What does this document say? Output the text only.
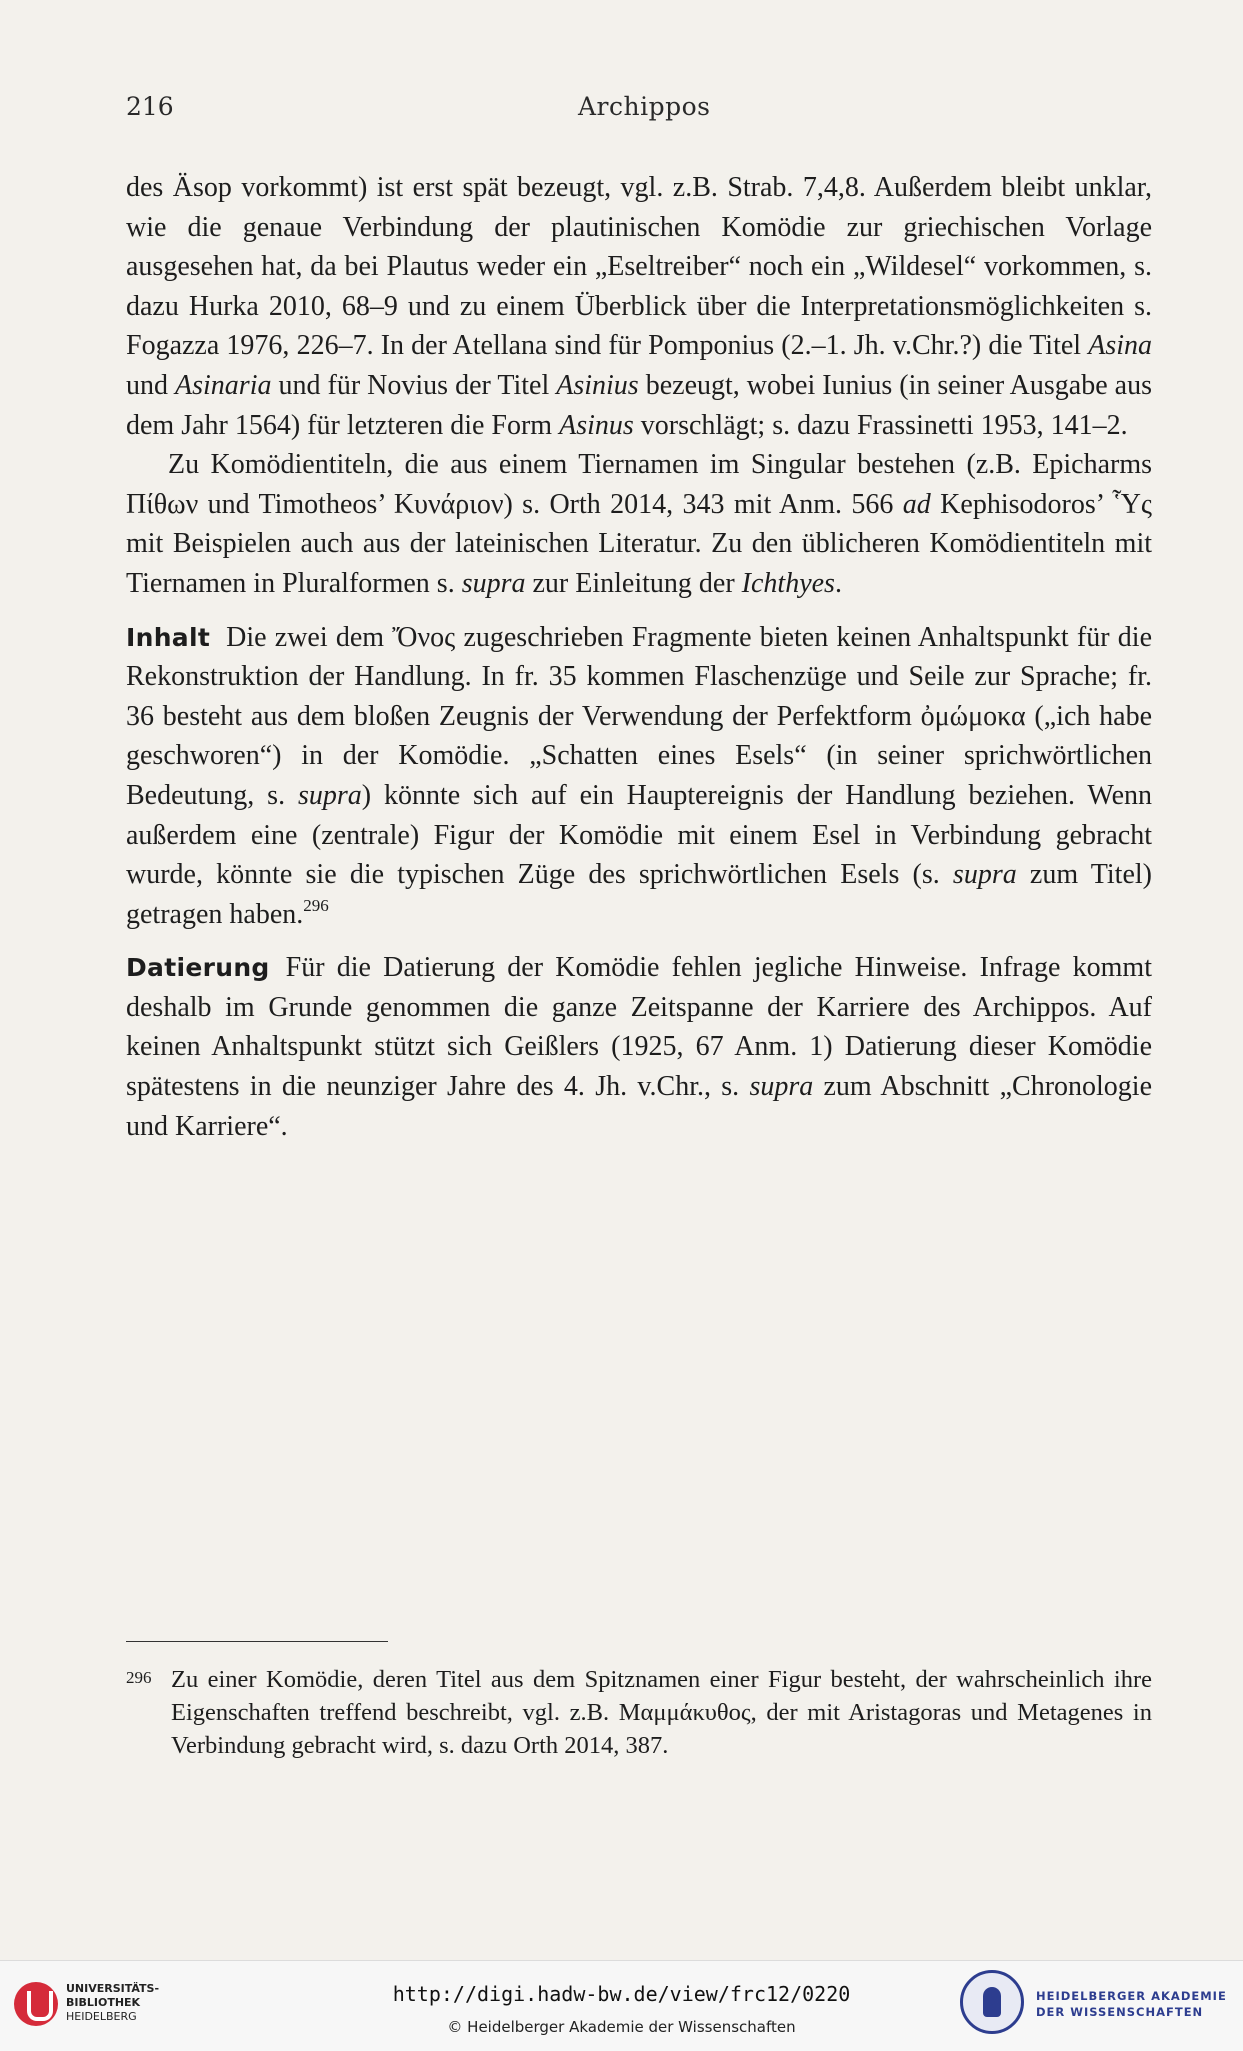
216	Archippos

des Äsop vorkommt) ist erst spät bezeugt, vgl. z.B. Strab. 7,4,8. Außerdem bleibt unklar, wie die genaue Verbindung der plautinischen Komödie zur griechischen Vorlage ausgesehen hat, da bei Plautus weder ein „Eseltreiber“ noch ein „Wildesel“ vorkommen, s. dazu Hurka 2010, 68–9 und zu einem Überblick über die Interpretationsmöglichkeiten s. Fogazza 1976, 226–7. In der Atellana sind für Pomponius (2.–1. Jh. v.Chr.?) die Titel Asina und Asinaria und für Novius der Titel Asinius bezeugt, wobei Iunius (in seiner Ausgabe aus dem Jahr 1564) für letzteren die Form Asinus vorschlägt; s. dazu Frassinetti 1953, 141–2.

Zu Komödientiteln, die aus einem Tiernamen im Singular bestehen (z.B. Epicharms Πίθων und Timotheos’ Κυνάριον) s. Orth 2014, 343 mit Anm. 566 ad Kephisodoros’ Ὗς mit Beispielen auch aus der lateinischen Literatur. Zu den üblicheren Komödientiteln mit Tiernamen in Pluralformen s. supra zur Einleitung der Ichthyes.

Inhalt Die zwei dem Ὄνος zugeschrieben Fragmente bieten keinen Anhaltspunkt für die Rekonstruktion der Handlung. In fr. 35 kommen Flaschenzüge und Seile zur Sprache; fr. 36 besteht aus dem bloßen Zeugnis der Verwendung der Perfektform ὀμώμοκα („ich habe geschworen“) in der Komödie. „Schatten eines Esels“ (in seiner sprichwörtlichen Bedeutung, s. supra) könnte sich auf ein Hauptereignis der Handlung beziehen. Wenn außerdem eine (zentrale) Figur der Komödie mit einem Esel in Verbindung gebracht wurde, könnte sie die typischen Züge des sprichwörtlichen Esels (s. supra zum Titel) getragen haben.$^{296}$

Datierung Für die Datierung der Komödie fehlen jegliche Hinweise. Infrage kommt deshalb im Grunde genommen die ganze Zeitspanne der Karriere des Archippos. Auf keinen Anhaltspunkt stützt sich Geißlers (1925, 67 Anm. 1) Datierung dieser Komödie spätestens in die neunziger Jahre des 4. Jh. v.Chr., s. supra zum Abschnitt „Chronologie und Karriere“.

296 Zu einer Komödie, deren Titel aus dem Spitznamen einer Figur besteht, der wahrscheinlich ihre Eigenschaften treffend beschreibt, vgl. z.B. Μαμμάκυθος, der mit Aristagoras und Metagenes in Verbindung gebracht wird, s. dazu Orth 2014, 387.
UNIVERSITÄTS-
BIBLIOTHEK
HEIDELBERG
http://digi.hadw-bw.de/view/frc12/0220
© Heidelberger Akademie der Wissenschaften
HEIDELBERGER AKADEMIE
DER WISSENSCHAFTEN
